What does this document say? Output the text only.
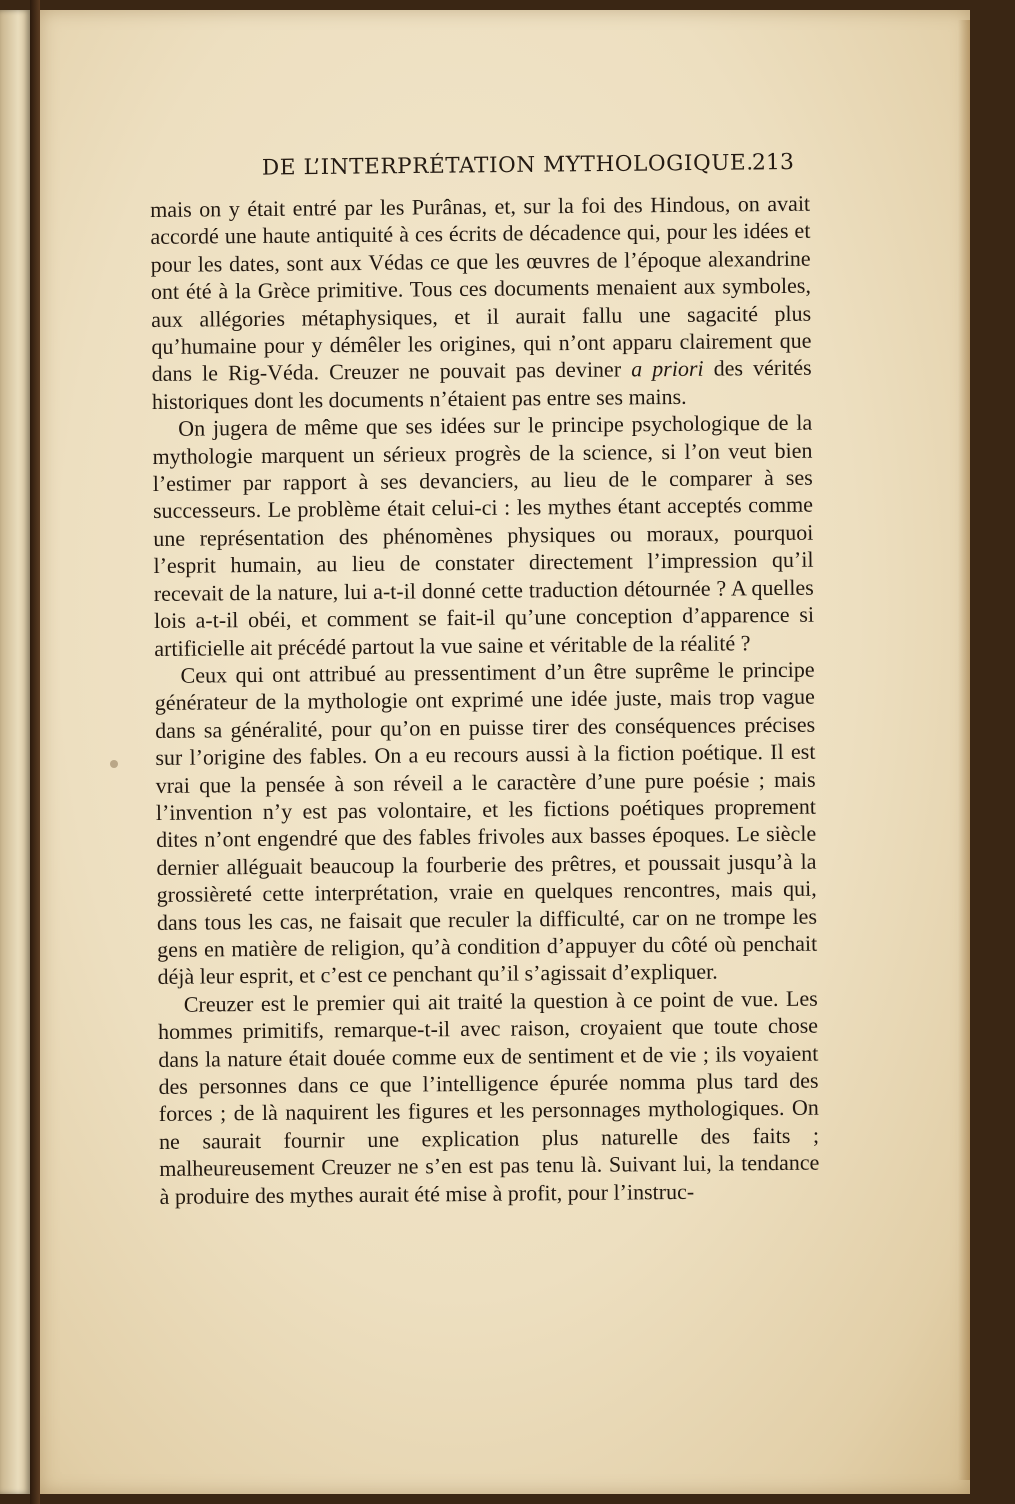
DE L’INTERPRÉTATION MYTHOLOGIQUE.
213

mais on y était entré par les Purânas, et, sur la foi des Hindous, on avait accordé une haute antiquité à ces écrits de décadence qui, pour les idées et pour les dates, sont aux Védas ce que les œuvres de l’époque alexandrine ont été à la Grèce primitive. Tous ces documents menaient aux symboles, aux allégories métaphysiques, et il aurait fallu une sagacité plus qu’humaine pour y démêler les origines, qui n’ont apparu clairement que dans le Rig-Véda. Creuzer ne pouvait pas deviner a priori des vérités historiques dont les documents n’étaient pas entre ses mains.

On jugera de même que ses idées sur le principe psychologique de la mythologie marquent un sérieux progrès de la science, si l’on veut bien l’estimer par rapport à ses devanciers, au lieu de le comparer à ses successeurs. Le problème était celui-ci : les mythes étant acceptés comme une représentation des phénomènes physiques ou moraux, pourquoi l’esprit humain, au lieu de constater directement l’impression qu’il recevait de la nature, lui a-t-il donné cette traduction détournée ? A quelles lois a-t-il obéi, et comment se fait-il qu’une conception d’apparence si artificielle ait précédé partout la vue saine et véritable de la réalité ?

Ceux qui ont attribué au pressentiment d’un être suprême le principe générateur de la mythologie ont exprimé une idée juste, mais trop vague dans sa généralité, pour qu’on en puisse tirer des conséquences précises sur l’origine des fables. On a eu recours aussi à la fiction poétique. Il est vrai que la pensée à son réveil a le caractère d’une pure poésie ; mais l’invention n’y est pas volontaire, et les fictions poétiques proprement dites n’ont engendré que des fables frivoles aux basses époques. Le siècle dernier alléguait beaucoup la fourberie des prêtres, et poussait jusqu’à la grossièreté cette interprétation, vraie en quelques rencontres, mais qui, dans tous les cas, ne faisait que reculer la difficulté, car on ne trompe les gens en matière de religion, qu’à condition d’appuyer du côté où penchait déjà leur esprit, et c’est ce penchant qu’il s’agissait d’expliquer.

Creuzer est le premier qui ait traité la question à ce point de vue. Les hommes primitifs, remarque-t-il avec raison, croyaient que toute chose dans la nature était douée comme eux de sentiment et de vie ; ils voyaient des personnes dans ce que l’intelligence épurée nomma plus tard des forces ; de là naquirent les figures et les personnages mythologiques. On ne saurait fournir une explication plus naturelle des faits ; malheureusement Creuzer ne s’en est pas tenu là. Suivant lui, la tendance à produire des mythes aurait été mise à profit, pour l’instruc-
